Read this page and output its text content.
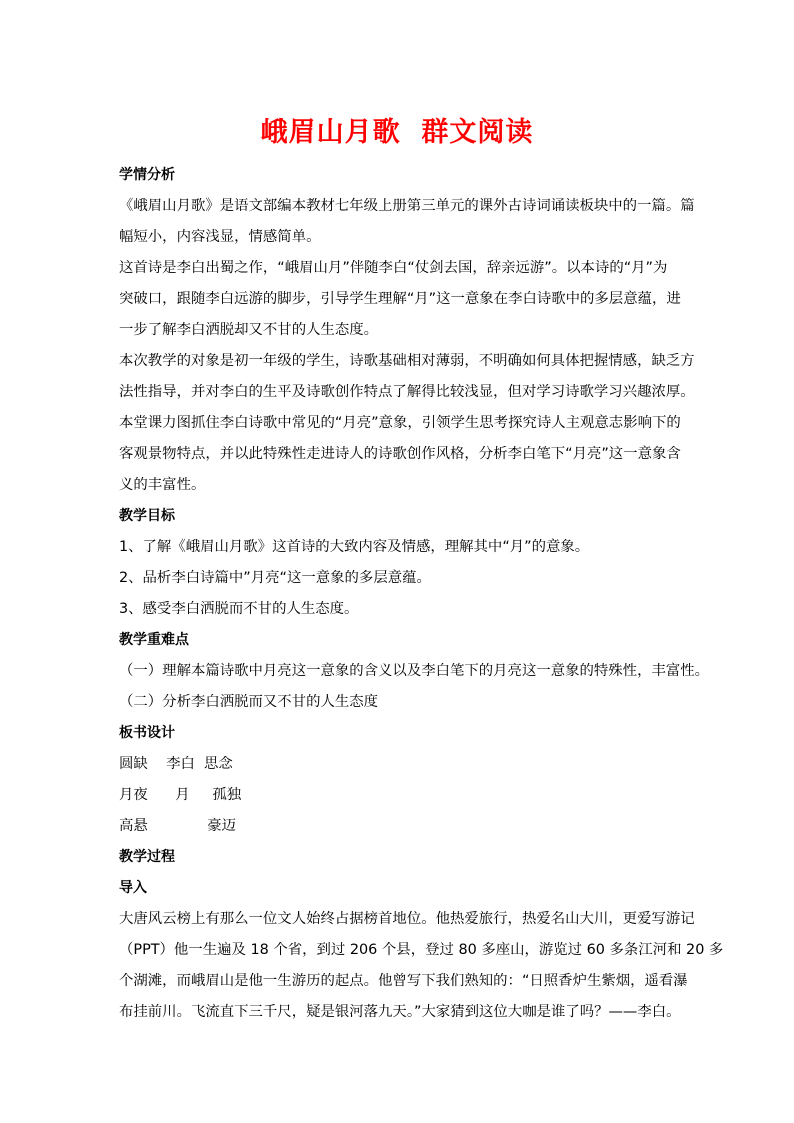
峨眉山月歌  群文阅读
学情分析
《峨眉山月歌》是语文部编本教材七年级上册第三单元的课外古诗词诵读板块中的一篇。篇
幅短小，内容浅显，情感简单。
这首诗是李白出蜀之作，“峨眉山月”伴随李白“仗剑去国，辞亲远游”。以本诗的“月”为
突破口，跟随李白远游的脚步，引导学生理解“月”这一意象在李白诗歌中的多层意蕴，进
一步了解李白洒脱却又不甘的人生态度。
本次教学的对象是初一年级的学生，诗歌基础相对薄弱，不明确如何具体把握情感，缺乏方
法性指导，并对李白的生平及诗歌创作特点了解得比较浅显，但对学习诗歌学习兴趣浓厚。
本堂课力图抓住李白诗歌中常见的“月亮”意象，引领学生思考探究诗人主观意志影响下的
客观景物特点，并以此特殊性走进诗人的诗歌创作风格，分析李白笔下“月亮”这一意象含
义的丰富性。
教学目标
1、了解《峨眉山月歌》这首诗的大致内容及情感，理解其中“月”的意象。
2、品析李白诗篇中”月亮“这一意象的多层意蕴。
3、感受李白洒脱而不甘的人生态度。
教学重难点
（一）理解本篇诗歌中月亮这一意象的含义以及李白笔下的月亮这一意象的特殊性，丰富性。
（二）分析李白洒脱而又不甘的人生态度
板书设计
圆缺    李白  思念
月夜      月     孤独
高悬             豪迈
教学过程
导入
大唐风云榜上有那么一位文人始终占据榜首地位。他热爱旅行，热爱名山大川，更爱写游记
（PPT）他一生遍及 18 个省，到过 206 个县，登过 80 多座山，游览过 60 多条江河和 20 多
个湖滩，而峨眉山是他一生游历的起点。他曾写下我们熟知的：“日照香炉生紫烟，遥看瀑
布挂前川。飞流直下三千尺，疑是银河落九天。”大家猜到这位大咖是谁了吗？——李白。
